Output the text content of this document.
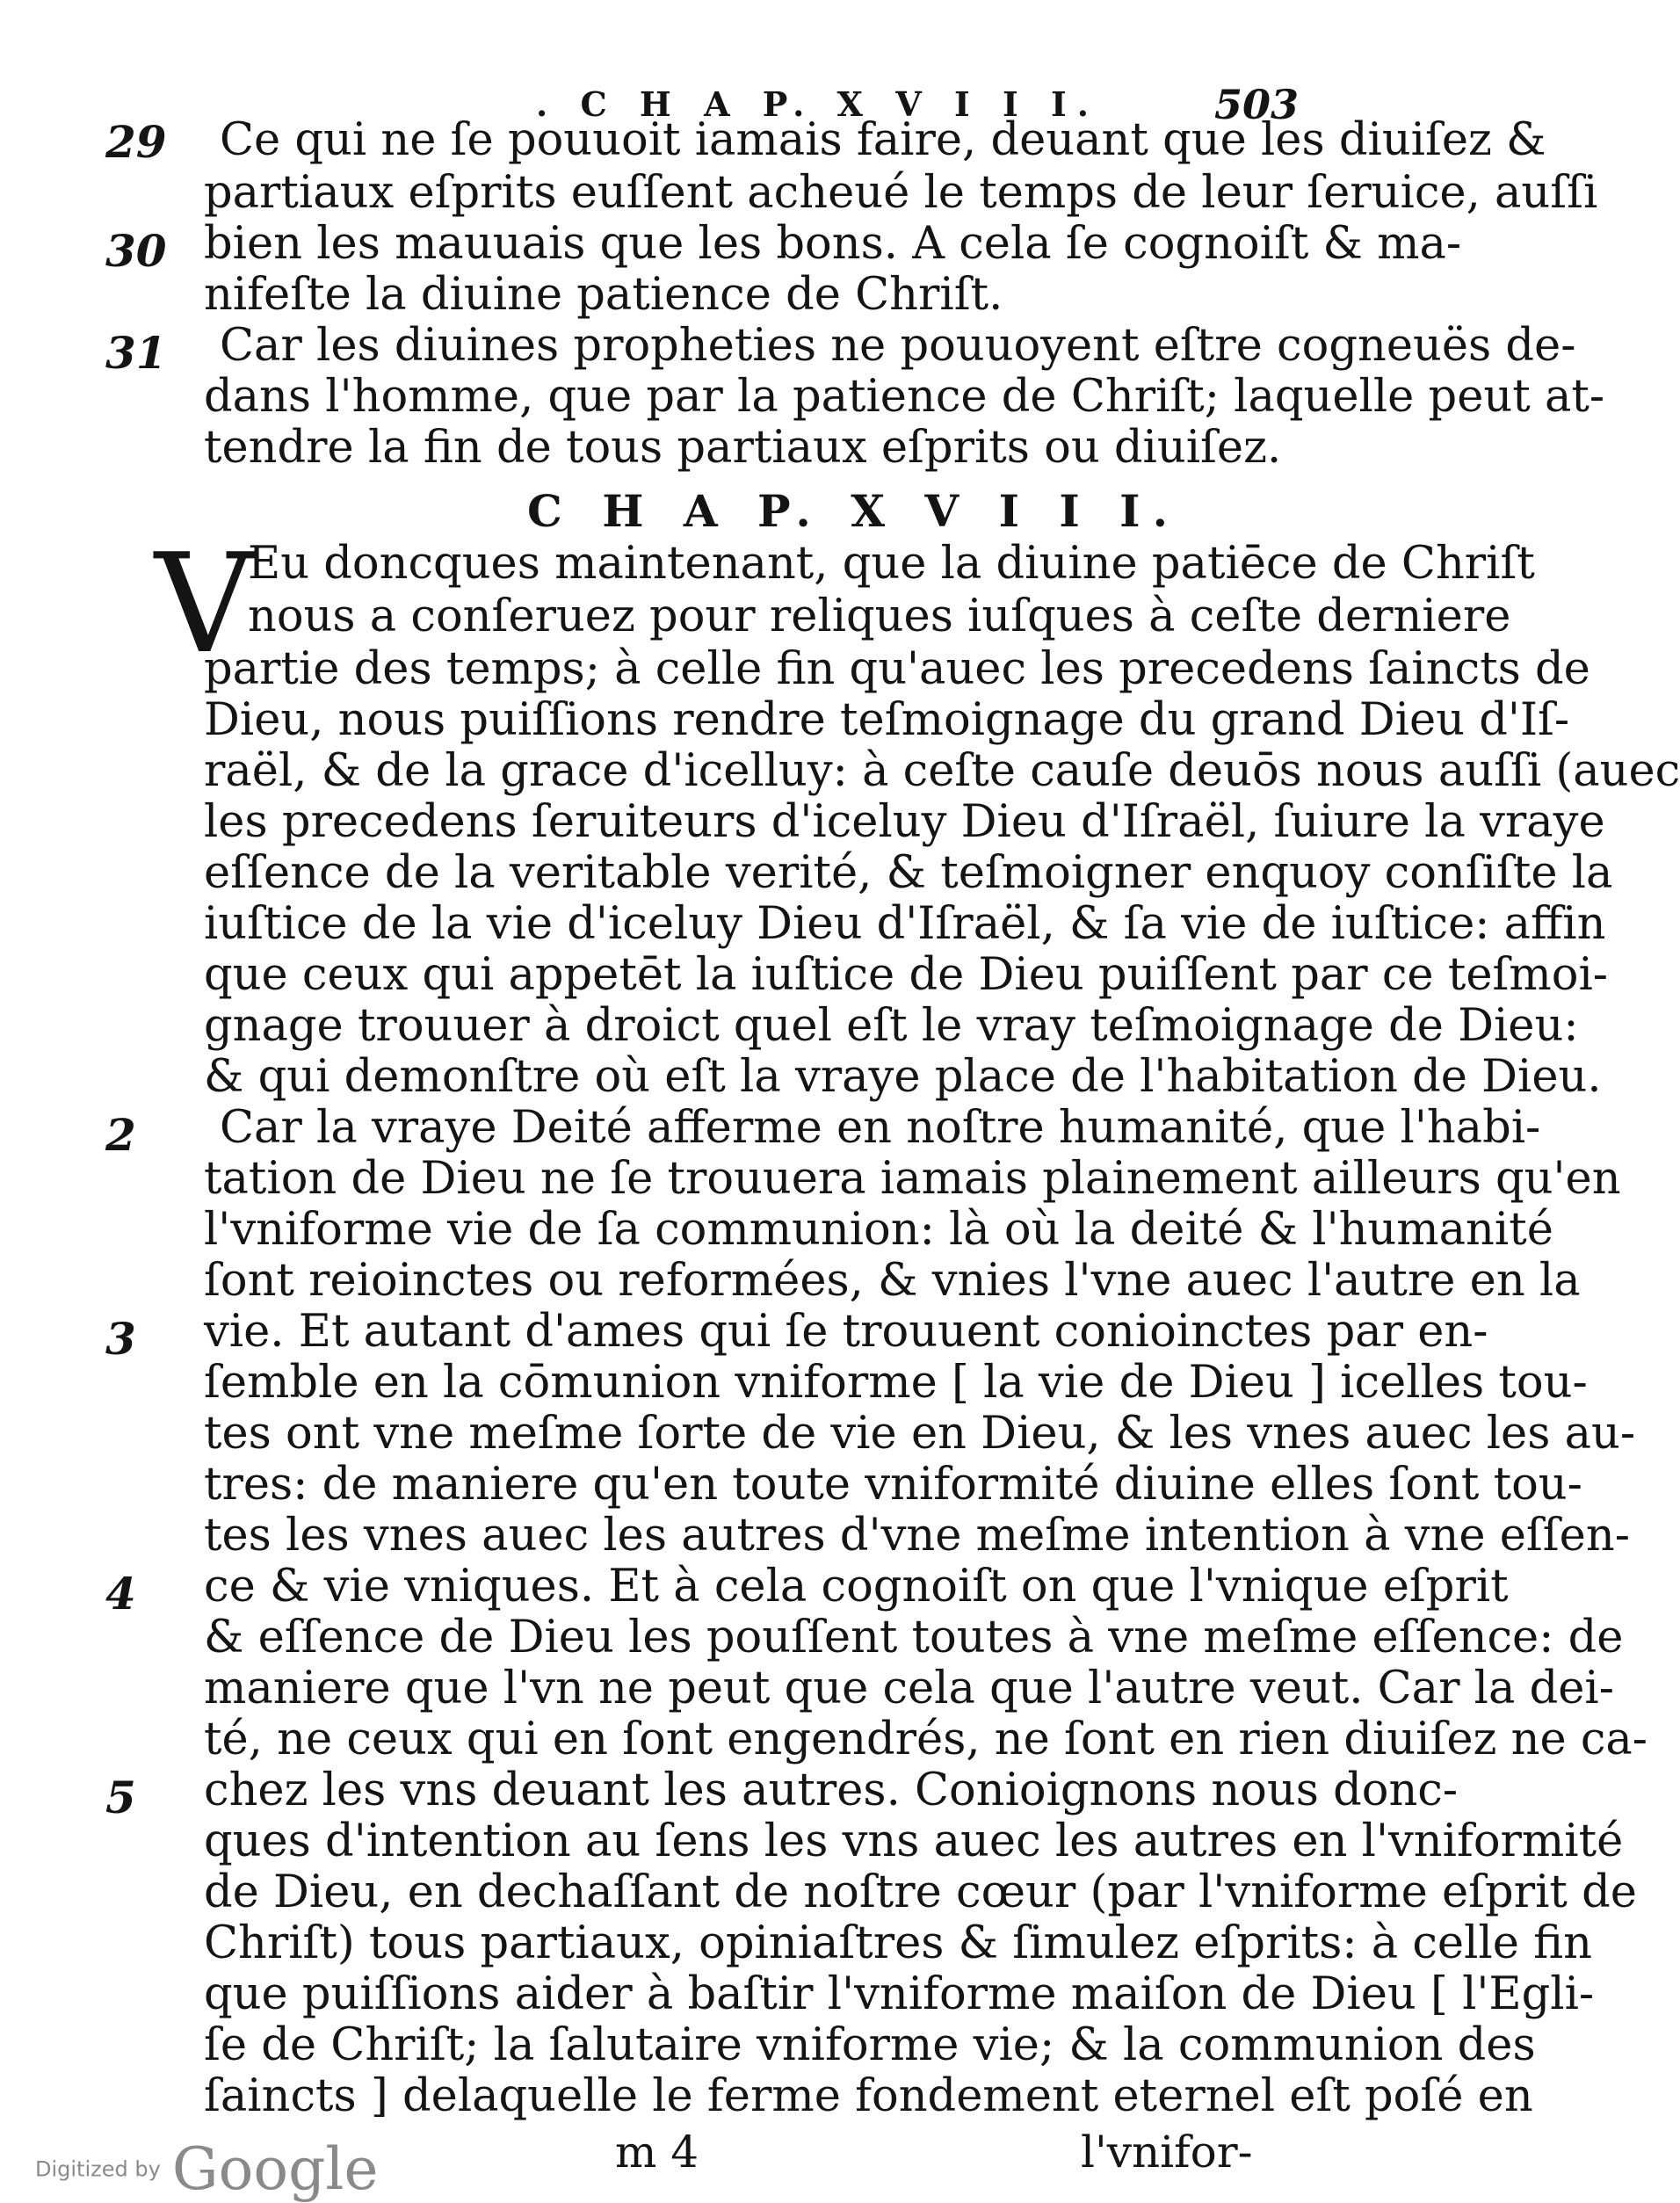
. C H A P. X V I I I.	503
29	Ce qui ne ſe pouuoit iamais faire, deuant que les diuiſez &
partiaux eſprits euſſent acheué le temps de leur ſeruice, auſſi
30 bien les mauuais que les bons. A cela ſe cognoiſt & ma-
nifeſte la diuine patience de Chriſt.
31	Car les diuines propheties ne pouuoyent eſtre cogneuës de-
dans l'homme, que par la patience de Chriſt; laquelle peut at-
tendre la fin de tous partiaux eſprits ou diuiſez.
C H A P. X V I I I.
V
Eu doncques maintenant, que la diuine patiēce de Chriſt
nous a conſeruez pour reliques iuſques à ceſte derniere
partie des temps; à celle fin qu'auec les precedens ſaincts de
Dieu, nous puiſſions rendre teſmoignage du grand Dieu d'Iſ-
raël, & de la grace d'icelluy: à ceſte cauſe deuōs nous auſſi (auec
les precedens ſeruiteurs d'iceluy Dieu d'Iſraël, ſuiure la vraye
eſſence de la veritable verité, & teſmoigner enquoy conſiſte la
iuſtice de la vie d'iceluy Dieu d'Iſraël, & ſa vie de iuſtice: affin
que ceux qui appetēt la iuſtice de Dieu puiſſent par ce teſmoi-
gnage trouuer à droict quel eſt le vray teſmoignage de Dieu:
& qui demonſtre où eſt la vraye place de l'habitation de Dieu.
2	Car la vraye Deité afferme en noſtre humanité, que l'habi-
tation de Dieu ne ſe trouuera iamais plainement ailleurs qu'en
l'vniforme vie de ſa communion: là où la deité & l'humanité
ſont reioinctes ou reformées, & vnies l'vne auec l'autre en la
3	vie. Et autant d'ames qui ſe trouuent conioinctes par en-
ſemble en la cōmunion vniforme [ la vie de Dieu ] icelles tou-
tes ont vne meſme ſorte de vie en Dieu, & les vnes auec les au-
tres: de maniere qu'en toute vniformité diuine elles ſont tou-
tes les vnes auec les autres d'vne meſme intention à vne eſſen-
4	ce & vie vniques. Et à cela cognoiſt on que l'vnique eſprit
& eſſence de Dieu les pouſſent toutes à vne meſme eſſence: de
maniere que l'vn ne peut que cela que l'autre veut. Car la dei-
té, ne ceux qui en ſont engendrés, ne ſont en rien diuiſez ne ca-
5	chez les vns deuant les autres. Conioignons nous donc-
ques d'intention au ſens les vns auec les autres en l'vniformité
de Dieu, en dechaſſant de noſtre cœur (par l'vniforme eſprit de
Chriſt) tous partiaux, opiniaſtres & ſimulez eſprits: à celle fin
que puiſſions aider à baſtir l'vniforme maiſon de Dieu [ l'Egli-
ſe de Chriſt; la ſalutaire vniforme vie; & la communion des
ſaincts ] delaquelle le ferme fondement eternel eſt poſé en
m 4	l'vnifor-
Digitized by Google
